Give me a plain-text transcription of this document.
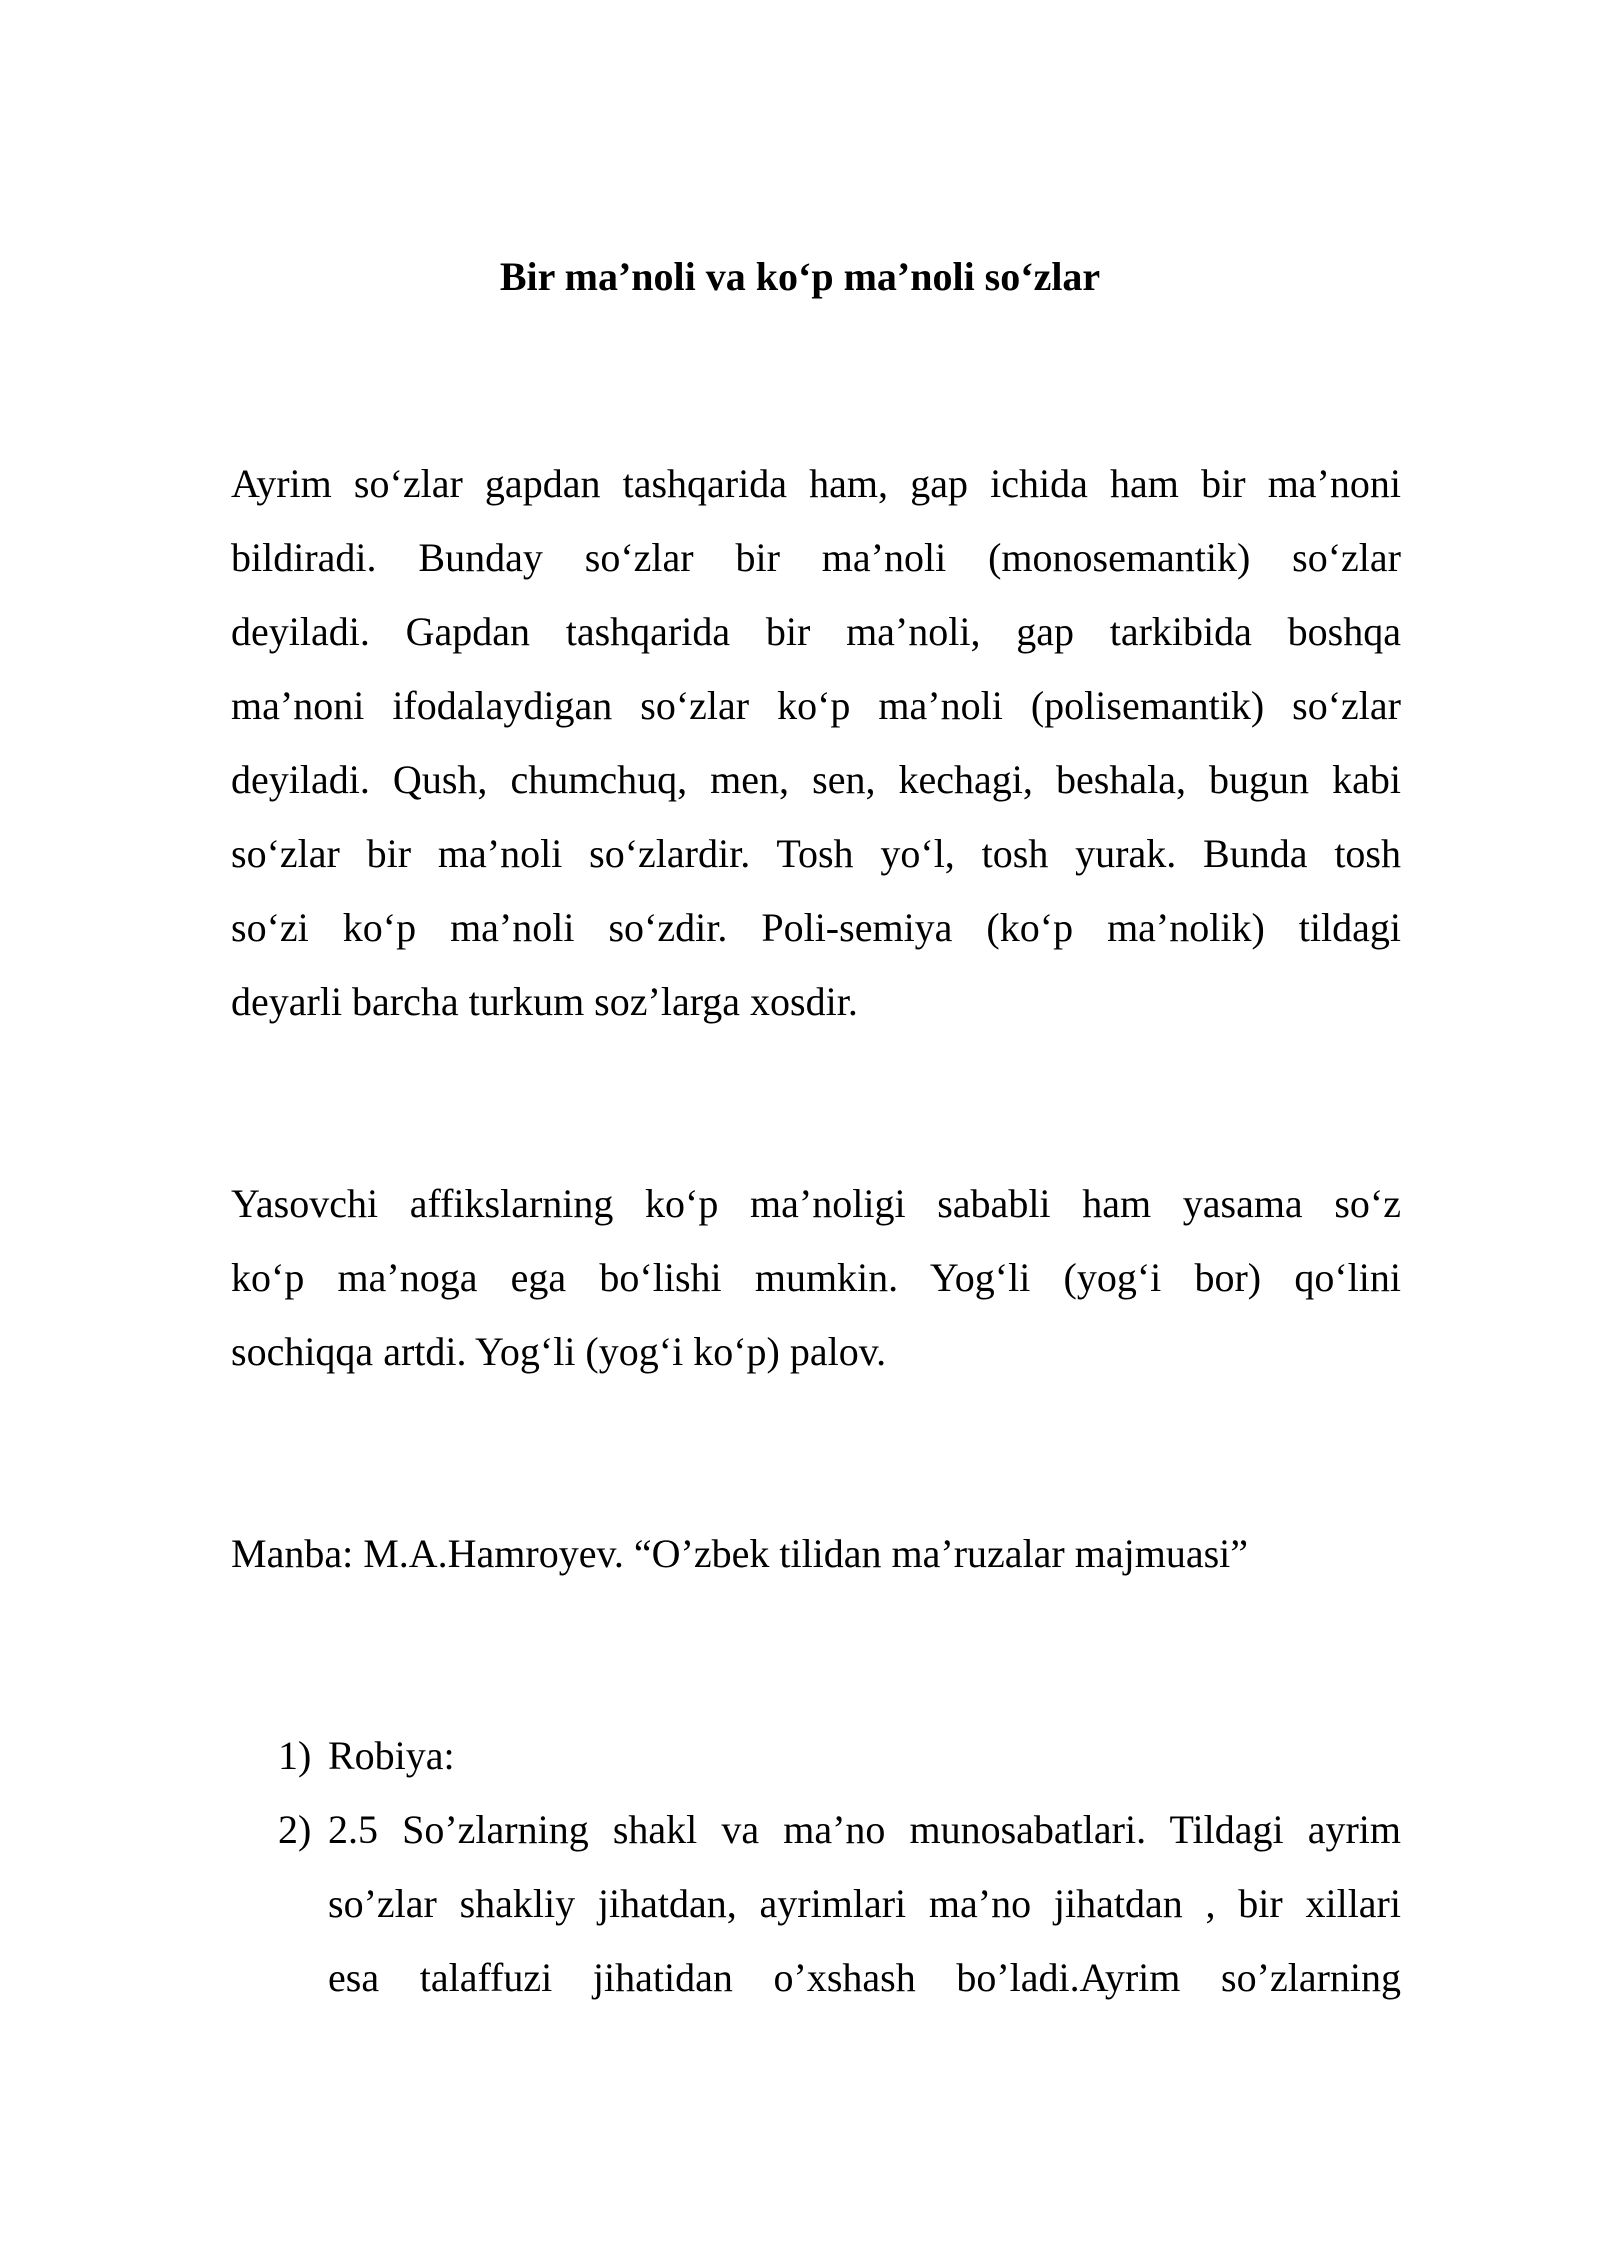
Bir ma’noli va ko‘p ma’noli so‘zlar
Ayrim so‘zlar gapdan tashqarida ham, gap ichida ham bir ma’noni
bildiradi. Bunday so‘zlar bir ma’noli (monosemantik) so‘zlar
deyiladi. Gapdan tashqarida bir ma’noli, gap tarkibida boshqa
ma’noni ifodalaydigan so‘zlar ko‘p ma’noli (polisemantik) so‘zlar
deyiladi. Qush, chumchuq, men, sen, kechagi, beshala, bugun kabi
so‘zlar bir ma’noli so‘zlardir. Tosh yo‘l, tosh yurak. Bunda tosh
so‘zi ko‘p ma’noli so‘zdir. Poli-semiya (ko‘p ma’nolik) tildagi
deyarli barcha turkum soz’larga xosdir.
Yasovchi affikslarning ko‘p ma’noligi sababli ham yasama so‘z
ko‘p ma’noga ega bo‘lishi mumkin. Yog‘li (yog‘i bor) qo‘lini
sochiqqa artdi. Yog‘li (yog‘i ko‘p) palov.
Manba: M.A.Hamroyev. “O’zbek tilidan ma’ruzalar majmuasi”
1) Robiya:
2) 2.5 So’zlarning shakl va ma’no munosabatlari. Tildagi ayrim
so’zlar shakliy jihatdan, ayrimlari ma’no jihatdan , bir xillari
esa talaffuzi jihatidan o’xshash bo’ladi.Ayrim so’zlarning
